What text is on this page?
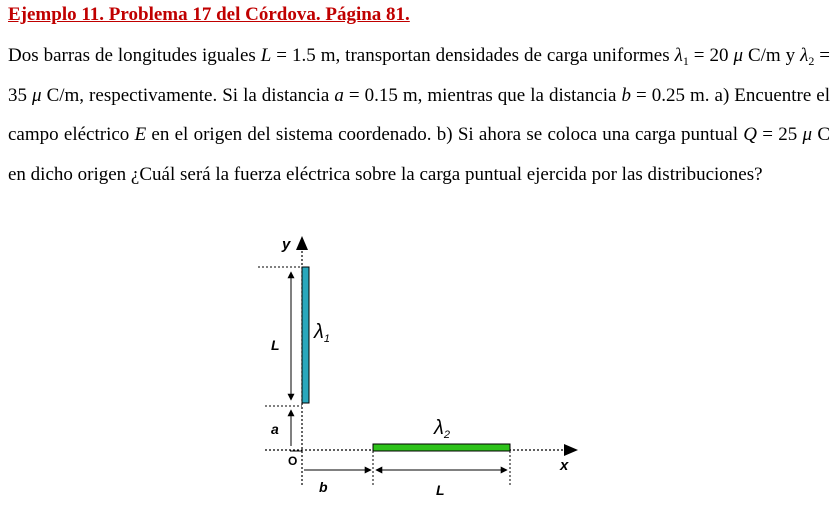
Ejemplo 11. Problema 17 del Córdova. Página 81.

Dos barras de longitudes iguales L = 1.5 m, transportan densidades de carga uniformes $\lambda_1 = 20$ μ C/m y $\lambda_2 = 35$ μ C/m, respectivamente. Si la distancia a = 0.15 m, mientras que la distancia b = 0.25 m. a) Encuentre el campo eléctrico E en el origen del sistema coordenado. b) Si ahora se coloca una carga puntual Q = 25 μ C en dicho origen ¿Cuál será la fuerza eléctrica sobre la carga puntual ejercida por las distribuciones?

y
x
O
L
a
b	L
$\lambda_1$
$\lambda_2$
